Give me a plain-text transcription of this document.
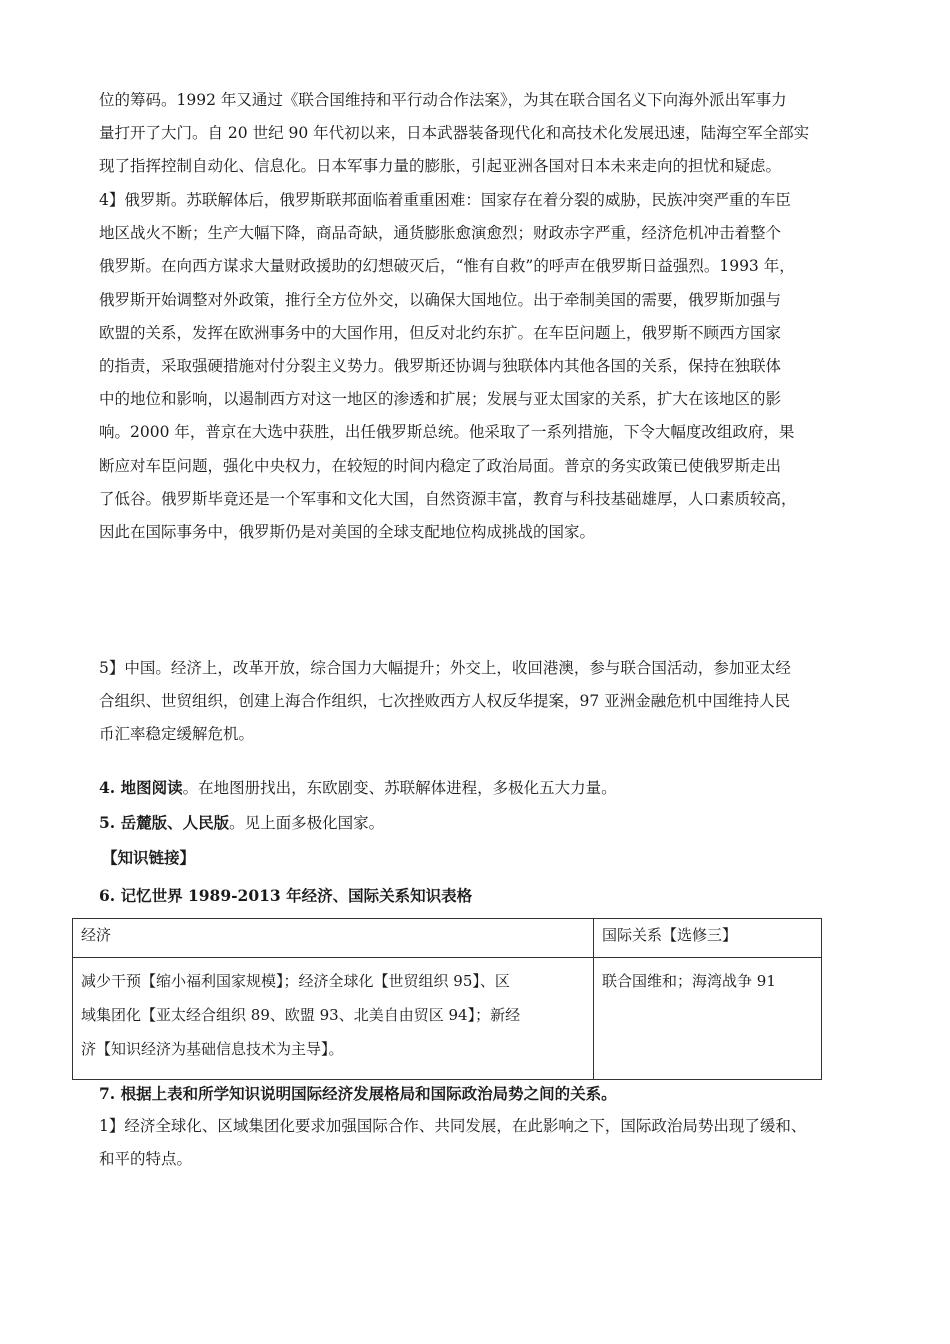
位的筹码。1992 年又通过《联合国维持和平行动合作法案》，为其在联合国名义下向海外派出军事力
量打开了大门。自 20 世纪 90 年代初以来，日本武器装备现代化和高技术化发展迅速，陆海空军全部实
现了指挥控制自动化、信息化。日本军事力量的膨胀，引起亚洲各国对日本未来走向的担忧和疑虑。
4】俄罗斯。苏联解体后，俄罗斯联邦面临着重重困难：国家存在着分裂的威胁，民族冲突严重的车臣
地区战火不断；生产大幅下降，商品奇缺，通货膨胀愈演愈烈；财政赤字严重，经济危机冲击着整个
俄罗斯。在向西方谋求大量财政援助的幻想破灭后，“惟有自救”的呼声在俄罗斯日益强烈。1993 年，
俄罗斯开始调整对外政策，推行全方位外交，以确保大国地位。出于牵制美国的需要，俄罗斯加强与
欧盟的关系，发挥在欧洲事务中的大国作用，但反对北约东扩。在车臣问题上，俄罗斯不顾西方国家
的指责，采取强硬措施对付分裂主义势力。俄罗斯还协调与独联体内其他各国的关系，保持在独联体
中的地位和影响，以遏制西方对这一地区的渗透和扩展；发展与亚太国家的关系，扩大在该地区的影
响。2000 年，普京在大选中获胜，出任俄罗斯总统。他采取了一系列措施，下令大幅度改组政府，果
断应对车臣问题，强化中央权力，在较短的时间内稳定了政治局面。普京的务实政策已使俄罗斯走出
了低谷。俄罗斯毕竟还是一个军事和文化大国，自然资源丰富，教育与科技基础雄厚，人口素质较高，
因此在国际事务中，俄罗斯仍是对美国的全球支配地位构成挑战的国家。
5】中国。经济上，改革开放，综合国力大幅提升；外交上，收回港澳，参与联合国活动，参加亚太经
合组织、世贸组织，创建上海合作组织，七次挫败西方人权反华提案，97 亚洲金融危机中国维持人民
币汇率稳定缓解危机。
4. 地图阅读。在地图册找出，东欧剧变、苏联解体进程，多极化五大力量。
5. 岳麓版、人民版。见上面多极化国家。
【知识链接】
6. 记忆世界 1989-2013 年经济、国际关系知识表格
经济	国际关系【选修三】

减少干预【缩小福利国家规模】；经济全球化【世贸组织 95】、区
域集团化【亚太经合组织 89、欧盟 93、北美自由贸区 94】；新经
济【知识经济为基础信息技术为主导】。	联合国维和；海湾战争 91
7. 根据上表和所学知识说明国际经济发展格局和国际政治局势之间的关系。
1】经济全球化、区域集团化要求加强国际合作、共同发展，在此影响之下，国际政治局势出现了缓和、
和平的特点。
